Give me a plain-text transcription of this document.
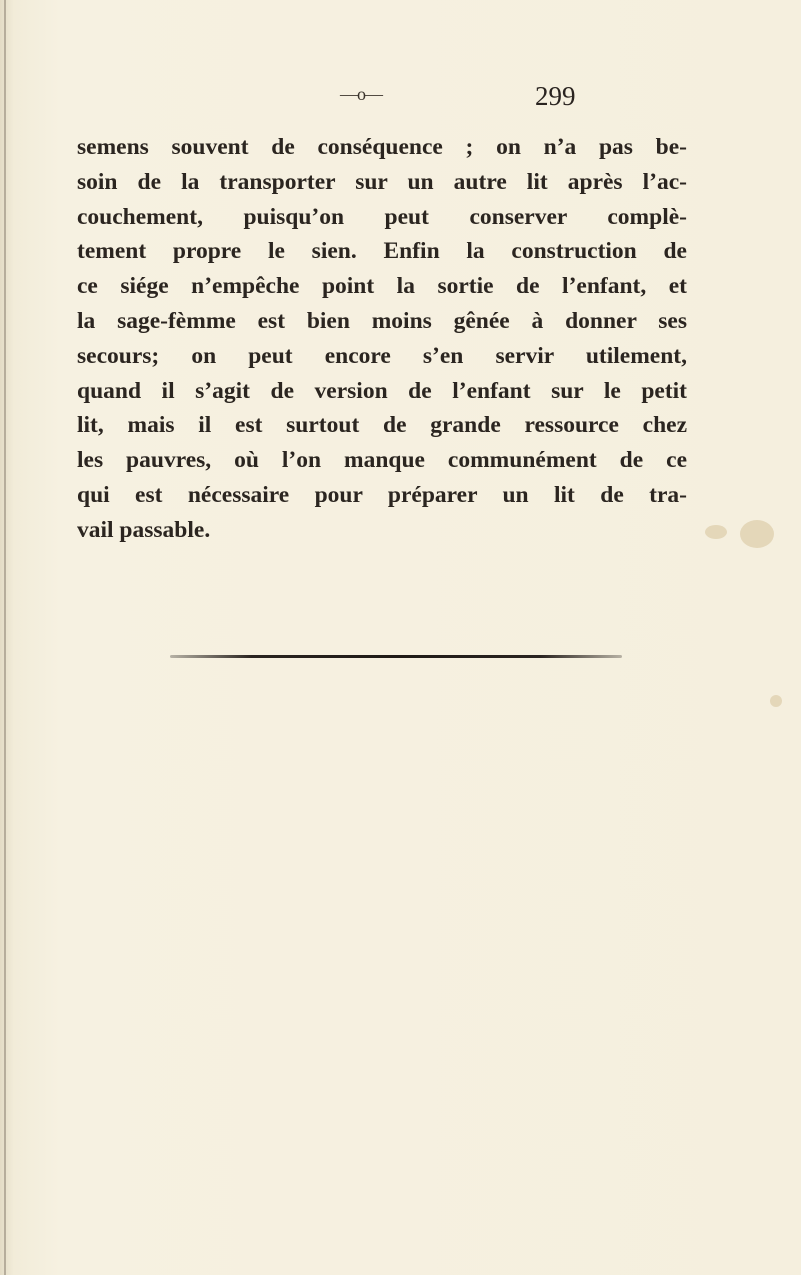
—o—	299
semens souvent de conséquence ; on n’a pas be-
soin de la transporter sur un autre lit après l’ac-
couchement, puisqu’on peut conserver complè-
tement propre le sien. Enfin la construction de
ce siége n’empêche point la sortie de l’enfant, et
la sage-fèmme est bien moins gênée à donner ses
secours; on peut encore s’en servir utilement,
quand il s’agit de version de l’enfant sur le petit
lit, mais il est surtout de grande ressource chez
les pauvres, où l’on manque communément de ce
qui est nécessaire pour préparer un lit de tra-
vail passable.
